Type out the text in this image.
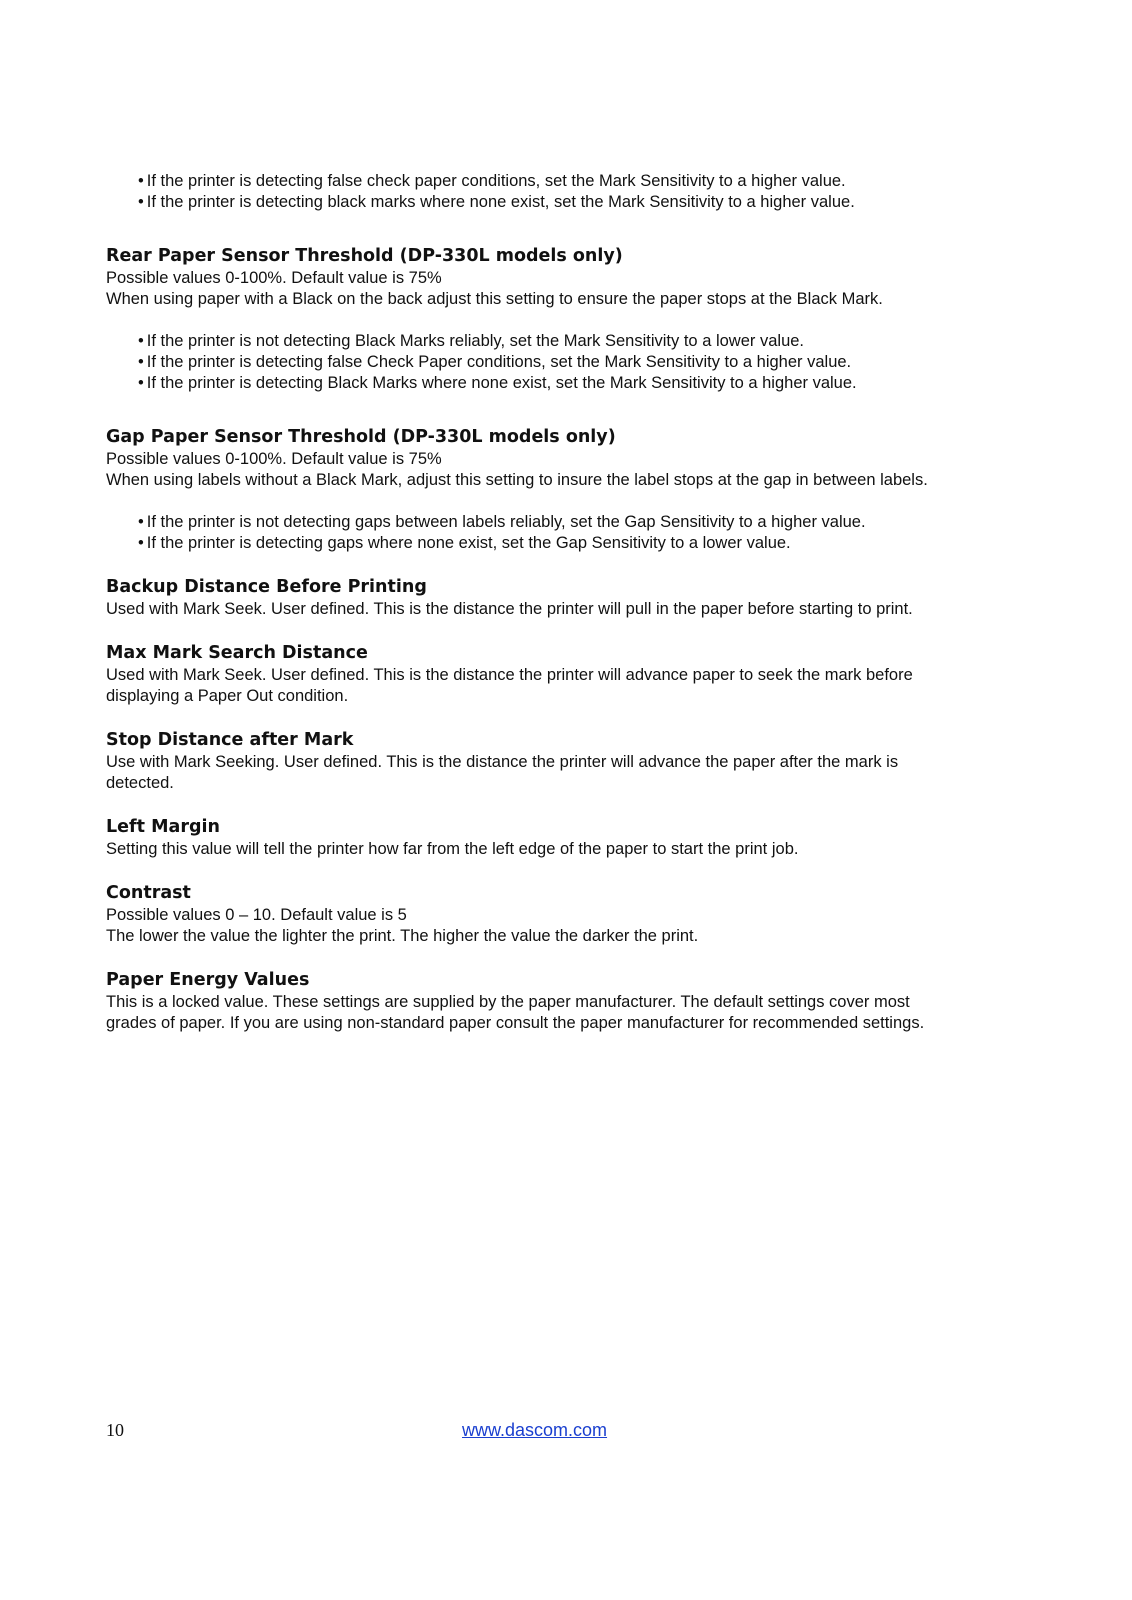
• If the printer is detecting false check paper conditions, set the Mark Sensitivity to a higher value.
• If the printer is detecting black marks where none exist, set the Mark Sensitivity to a higher value.
Rear Paper Sensor Threshold (DP-330L models only)

Possible values 0-100%. Default value is 75%

When using paper with a Black on the back adjust this setting to ensure the paper stops at the Black Mark.

• If the printer is not detecting Black Marks reliably, set the Mark Sensitivity to a lower value.
• If the printer is detecting false Check Paper conditions, set the Mark Sensitivity to a higher value.
• If the printer is detecting Black Marks where none exist, set the Mark Sensitivity to a higher value.
Gap Paper Sensor Threshold (DP-330L models only)

Possible values 0-100%. Default value is 75%

When using labels without a Black Mark, adjust this setting to insure the label stops at the gap in between labels.

• If the printer is not detecting gaps between labels reliably, set the Gap Sensitivity to a higher value.
• If the printer is detecting gaps where none exist, set the Gap Sensitivity to a lower value.
Backup Distance Before Printing

Used with Mark Seek. User defined. This is the distance the printer will pull in the paper before starting to print.

Max Mark Search Distance

Used with Mark Seek. User defined. This is the distance the printer will advance paper to seek the mark before

displaying a Paper Out condition.

Stop Distance after Mark

Use with Mark Seeking. User defined. This is the distance the printer will advance the paper after the mark is

detected.

Left Margin

Setting this value will tell the printer how far from the left edge of the paper to start the print job.

Contrast

Possible values 0 – 10. Default value is 5

The lower the value the lighter the print. The higher the value the darker the print.

Paper Energy Values

This is a locked value. These settings are supplied by the paper manufacturer. The default settings cover most

grades of paper. If you are using non-standard paper consult the paper manufacturer for recommended settings.

10	www.dascom.com
